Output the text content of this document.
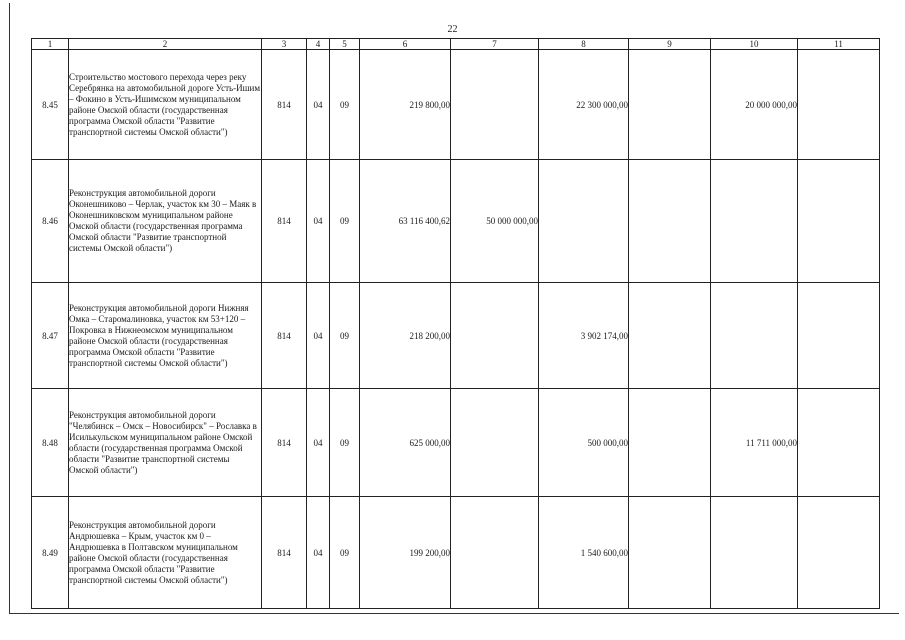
22
1	2	3	4	5	6	7	8	9	10	11
8.45	Строительство мостового перехода через реку Серебрянка на автомобильной дороге Усть-Ишим – Фокино в Усть-Ишимском муниципальном районе Омской области (государственная программа Омской области "Развитие транспортной системы Омской области")	814	04	09	219 800,00		22 300 000,00		20 000 000,00	
8.46	Реконструкция автомобильной дороги Оконешниково – Черлак, участок км 30 – Маяк в Оконешниковском муниципальном районе Омской области (государственная программа Омской области "Развитие транспортной системы Омской области")	814	04	09	63 116 400,62	50 000 000,00				
8.47	Реконструкция автомобильной дороги Нижняя Омка – Старомалиновка, участок км 53+120 – Покровка в Нижнеомском муниципальном районе Омской области (государственная программа Омской области "Развитие транспортной системы Омской области")	814	04	09	218 200,00		3 902 174,00			
8.48	Реконструкция автомобильной дороги "Челябинск – Омск – Новосибирск" – Рославка в Исилькульском муниципальном районе Омской области (государственная программа Омской области "Развитие транспортной системы Омской области")	814	04	09	625 000,00		500 000,00		11 711 000,00	
8.49	Реконструкция автомобильной дороги Андрюшевка – Крым, участок км 0 – Андрюшевка в Полтавском муниципальном районе Омской области (государственная программа Омской области "Развитие транспортной системы Омской области")	814	04	09	199 200,00		1 540 600,00			
